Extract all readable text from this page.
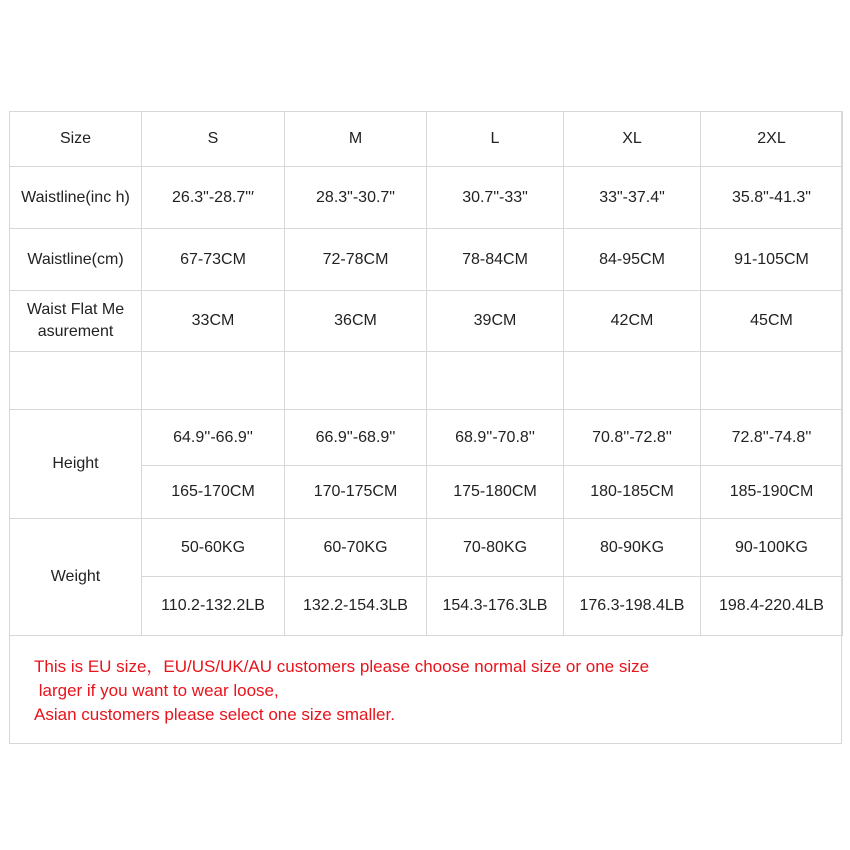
Size	S	M	L	XL	2XL
Waistline(inc h)	26.3"-28.7"′	28.3"-30.7"	30.7"-33"	33"-37.4"	35.8"-41.3"
Waistline(cm)	67-73CM	72-78CM	78-84CM	84-95CM	91-105CM
Waist Flat Me asurement	33CM	36CM	39CM	42CM	45CM

Height	64.9''-66.9''	66.9''-68.9''	68.9''-70.8''	70.8''-72.8''	72.8''-74.8''
	165-170CM	170-175CM	175-180CM	180-185CM	185-190CM
Weight	50-60KG	60-70KG	70-80KG	80-90KG	90-100KG
	110.2-132.2LB	132.2-154.3LB	154.3-176.3LB	176.3-198.4LB	198.4-220.4LB
This is EU size，EU/US/UK/AU customers please choose normal size or one size
larger if you want to wear loose,
Asian customers please select one size smaller.
